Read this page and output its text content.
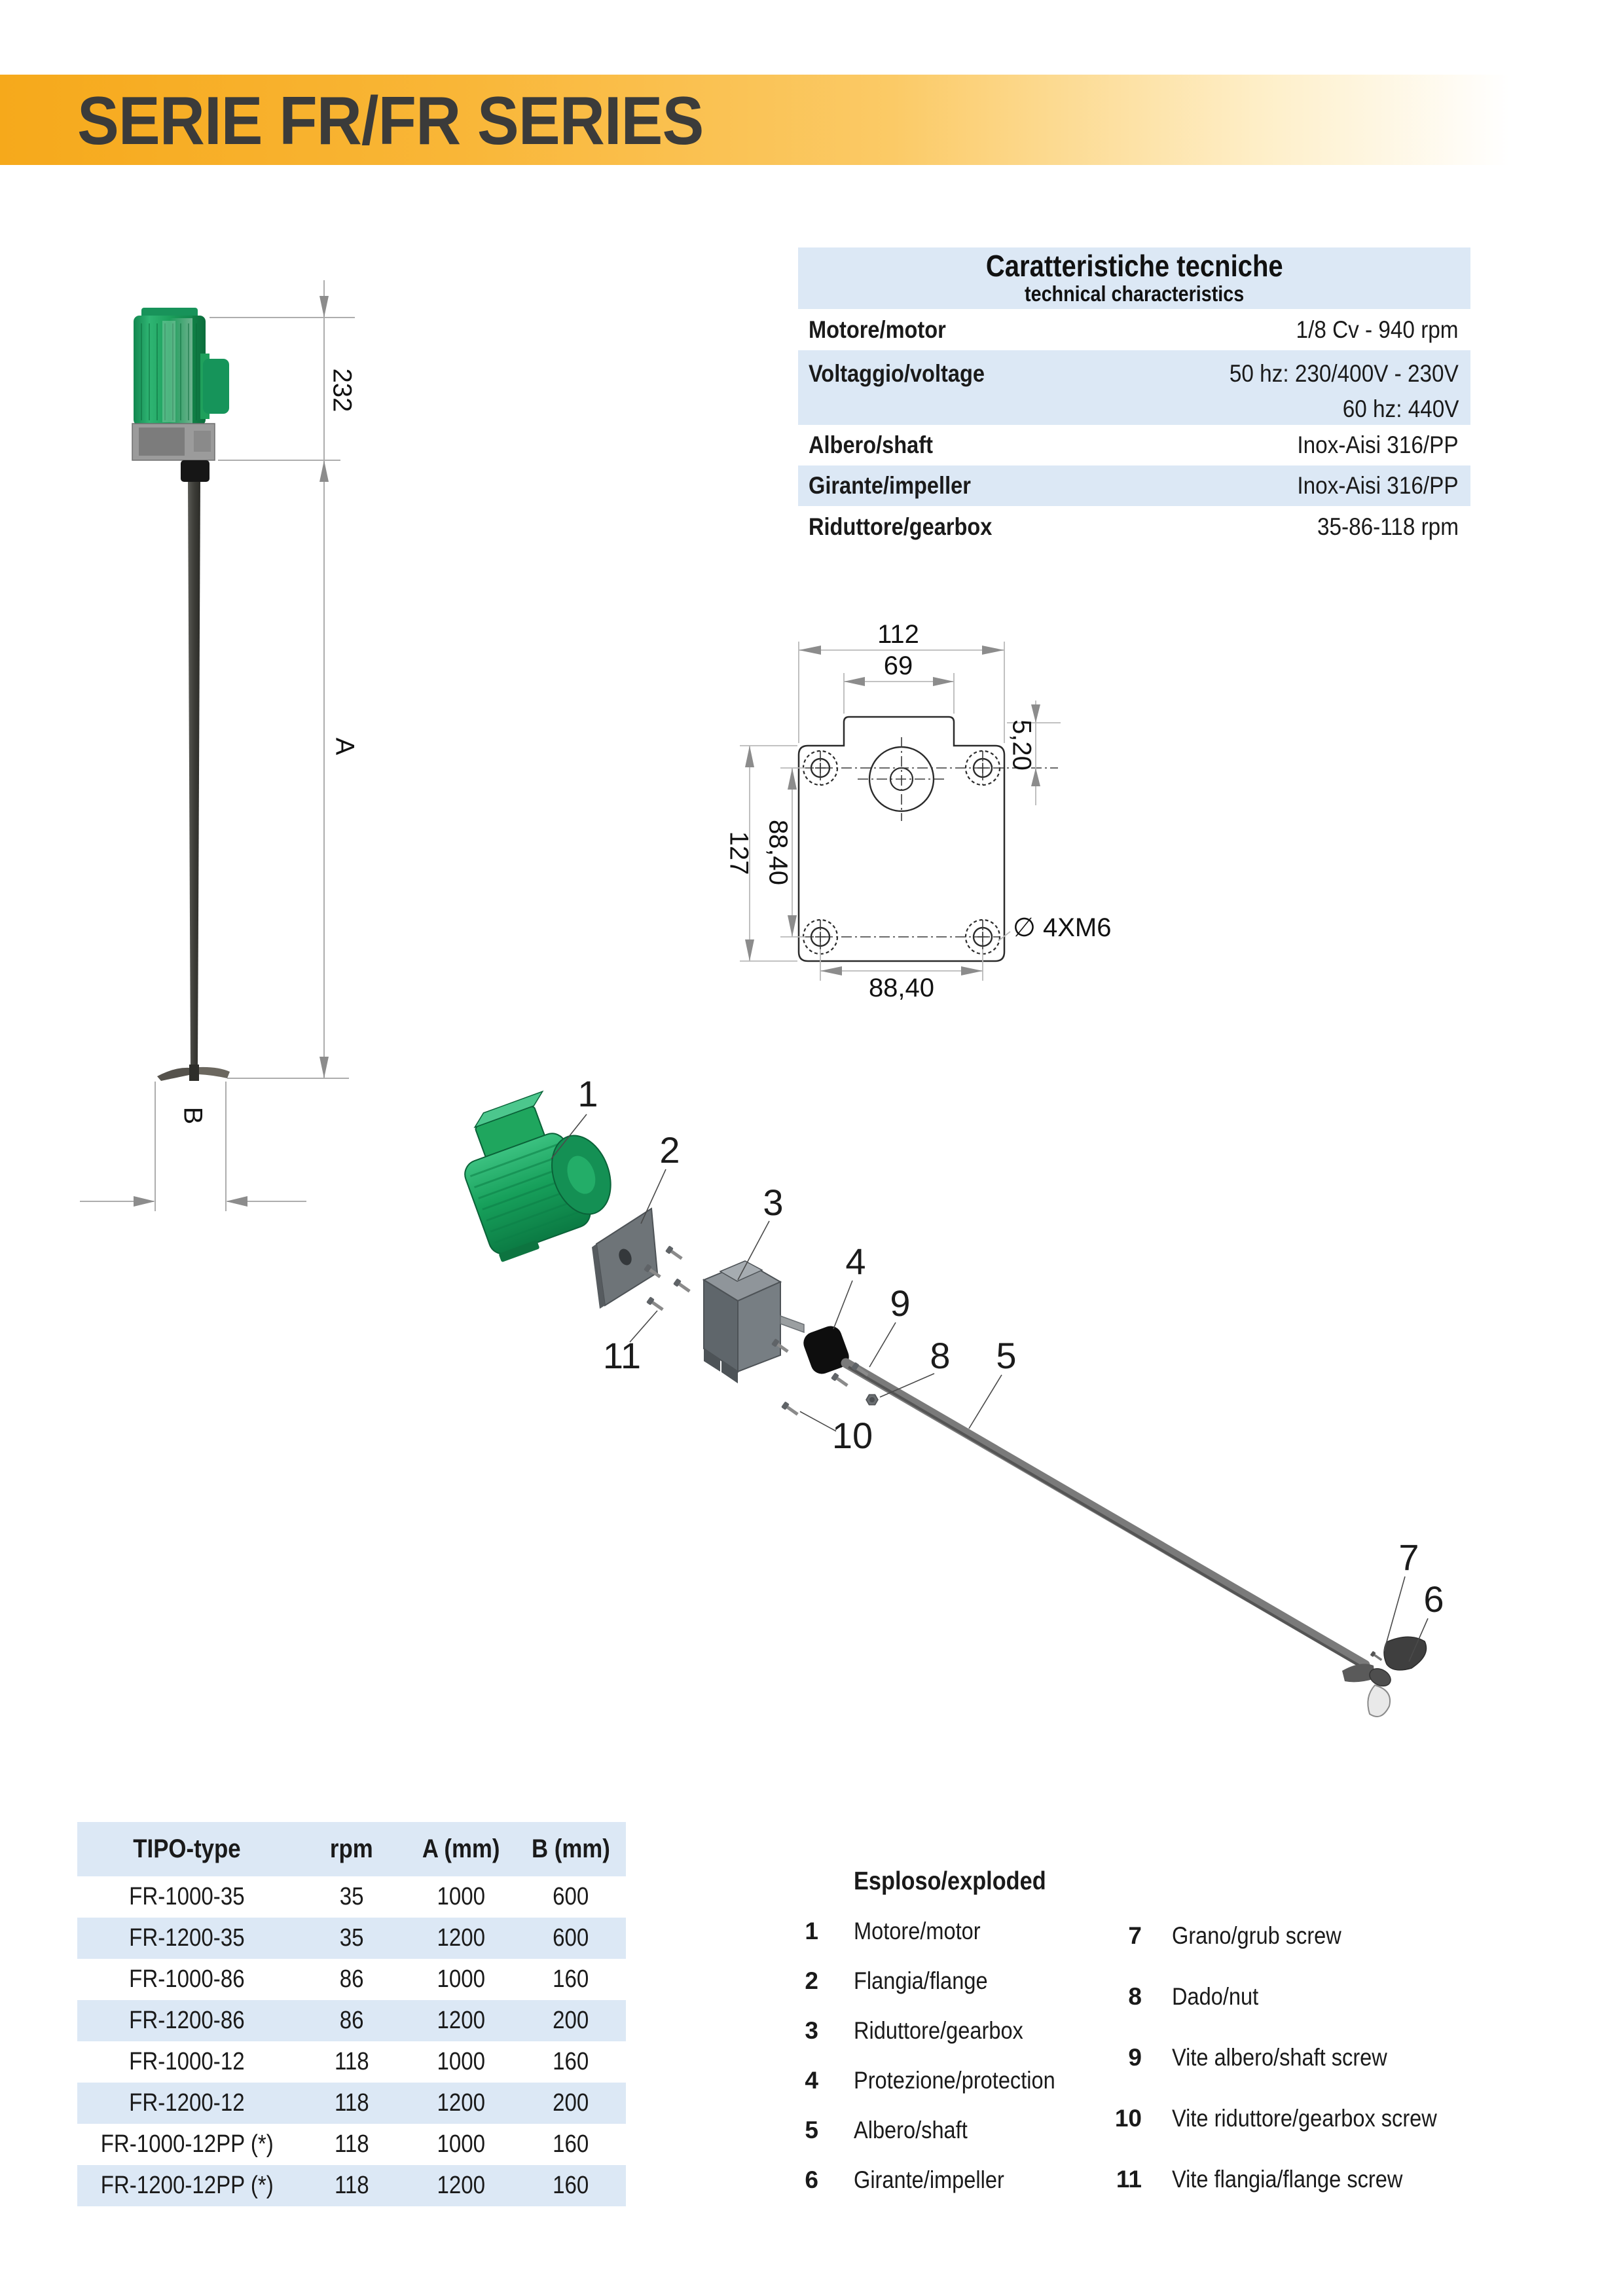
SERIE FR/FR SERIES
232
A
B
Caratteristiche tecniche
technical characteristics
Motore/motor	1/8 Cv - 940 rpm
Voltaggio/voltage	50 hz: 230/400V - 230V
60 hz: 440V
Albero/shaft	Inox-Aisi 316/PP
Girante/impeller	Inox-Aisi 316/PP
Riduttore/gearbox	35-86-118 rpm
112
69
127 88,40
5,20
88,40
∅ 4XM6
1
2
3
4
9
8
11
10
5
7
6
TIPO-type	rpm	A (mm)	B (mm)
FR-1000-35	35	1000	600
FR-1200-35	35	1200	600
FR-1000-86	86	1000	160
FR-1200-86	86	1200	200
FR-1000-12	118	1000	160
FR-1200-12	118	1200	200
FR-1000-12PP (*)	118	1000	160
FR-1200-12PP (*)	118	1200	160
Esploso/exploded
1 Motore/motor
2 Flangia/flange
3 Riduttore/gearbox
4 Protezione/protection
5 Albero/shaft
6 Girante/impeller
7 Grano/grub screw
8 Dado/nut
9 Vite albero/shaft screw
10 Vite riduttore/gearbox screw
11 Vite flangia/flange screw
